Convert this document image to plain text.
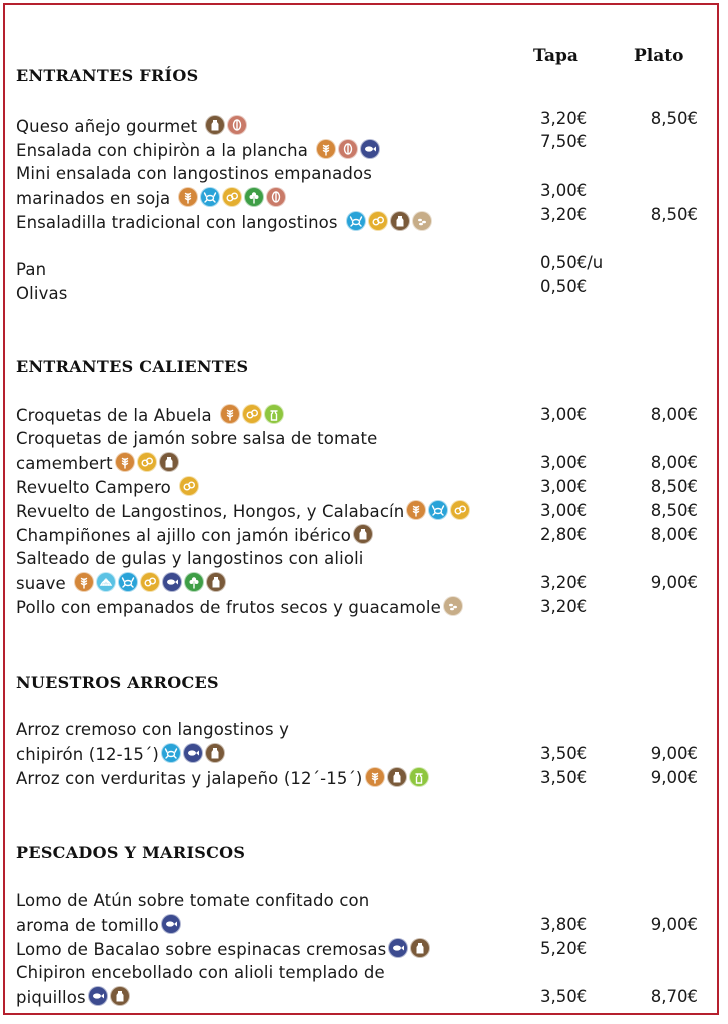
Tapa	Plato
ENTRANTES FRÍOS
Queso añejo gourmet	3,20€	8,50€
Ensalada con chipiròn a la plancha	7,50€
Mini ensalada con langostinos empanados
marinados en soja	3,00€
Ensaladilla tradicional con langostinos	3,20€	8,50€
Pan	0,50€/u
Olivas	0,50€
ENTRANTES CALIENTES
Croquetas de la Abuela	3,00€	8,00€
Croquetas de jamón sobre salsa de tomate
camembert	3,00€	8,00€
Revuelto Campero	3,00€	8,50€
Revuelto de Langostinos, Hongos, y Calabacín	3,00€	8,50€
Champiñones al ajillo con jamón ibérico	2,80€	8,00€
Salteado de gulas y langostinos con alioli
suave	3,20€	9,00€
Pollo con empanados de frutos secos y guacamole	3,20€
NUESTROS ARROCES
Arroz cremoso con langostinos y
chipirón (12-15´)	3,50€	9,00€
Arroz con verduritas y jalapeño (12´-15´)	3,50€	9,00€
PESCADOS Y MARISCOS
Lomo de Atún sobre tomate confitado con
aroma de tomillo	3,80€	9,00€
Lomo de Bacalao sobre espinacas cremosas	5,20€
Chipiron encebollado con alioli templado de
piquillos	3,50€	8,70€
